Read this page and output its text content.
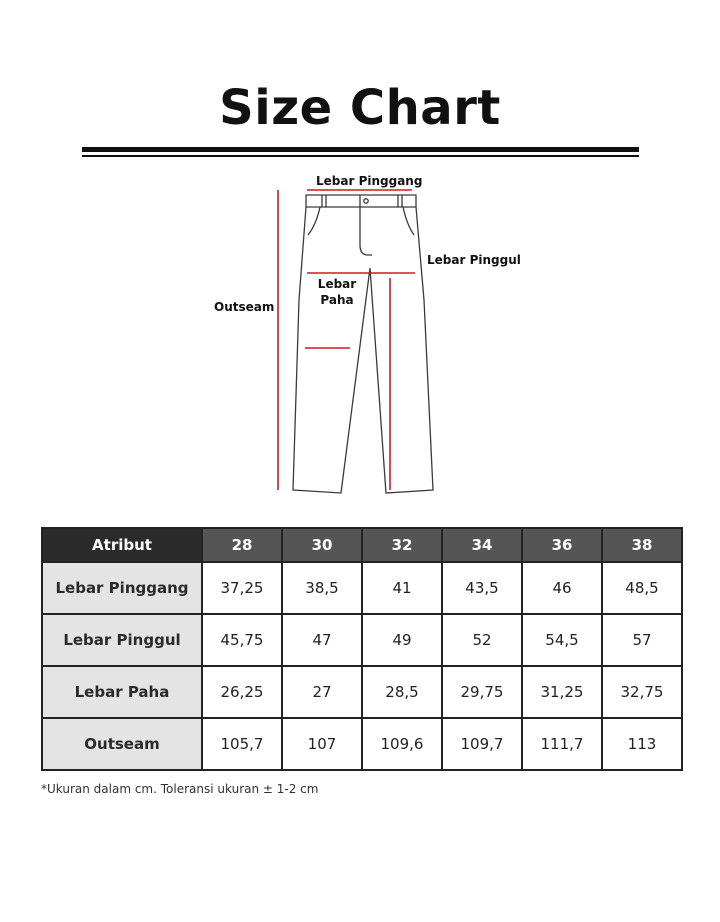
Size Chart
Lebar Pinggang
Lebar Pinggul
Lebar
Paha
Outseam
Atribut	28	30	32	34	36	38
Lebar Pinggang	37,25	38,5	41	43,5	46	48,5
Lebar Pinggul	45,75	47	49	52	54,5	57
Lebar Paha	26,25	27	28,5	29,75	31,25	32,75
Outseam	105,7	107	109,6	109,7	111,7	113
*Ukuran dalam cm. Toleransi ukuran ± 1-2 cm
